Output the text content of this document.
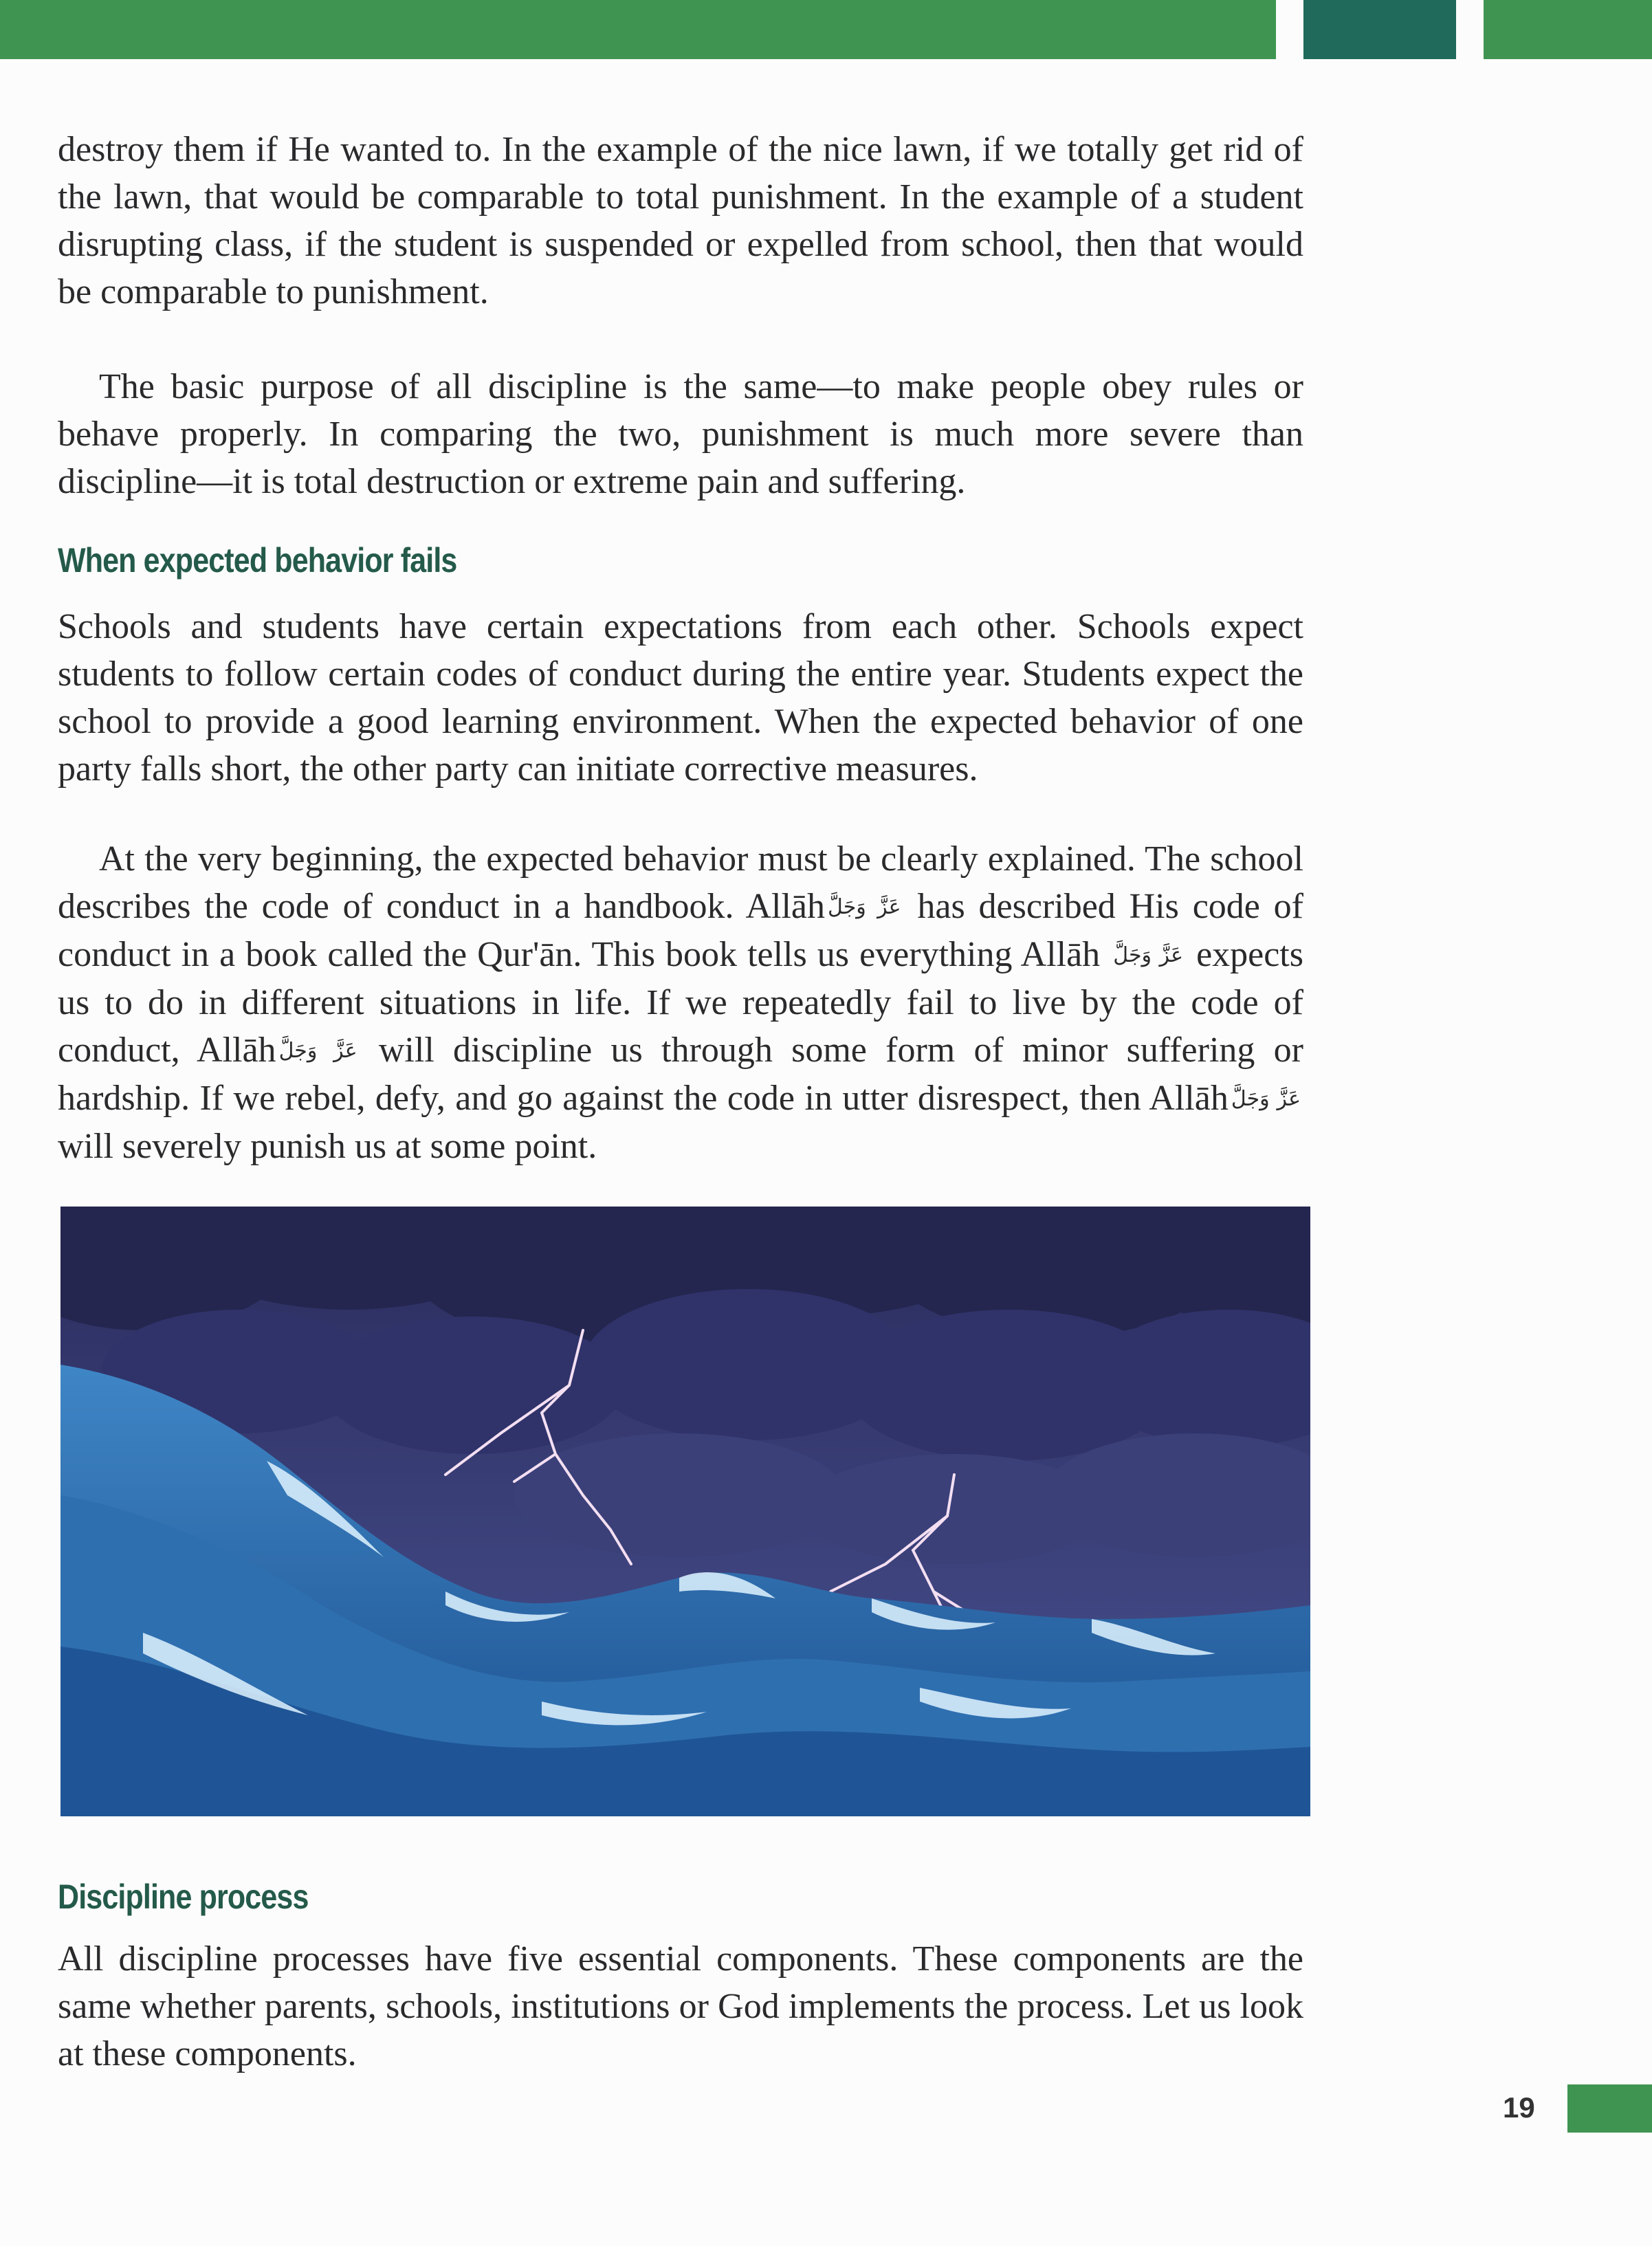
destroy them if He wanted to. In the example of the nice lawn, if we totally get rid of the lawn, that would be comparable to total punishment. In the example of a student disrupting class, if the student is suspended or expelled from school, then that would be comparable to punishment.

The basic purpose of all discipline is the same—to make people obey rules or behave properly. In comparing the two, punishment is much more severe than discipline—it is total destruction or extreme pain and suffering.

When expected behavior fails

Schools and students have certain expectations from each other. Schools expect students to follow certain codes of conduct during the entire year. Students expect the school to provide a good learning environment. When the expected behavior of one party falls short, the other party can initiate corrective measures.

At the very beginning, the expected behavior must be clearly explained. The school describes the code of conduct in a handbook. Allāh عَزَّ وَجَلَّ has described His code of conduct in a book called the Qur'ān. This book tells us everything Allāh عَزَّ وَجَلَّ expects us to do in different situations in life. If we repeatedly fail to live by the code of conduct, Allāh عَزَّ وَجَلَّ will discipline us through some form of minor suffering or hardship. If we rebel, defy, and go against the code in utter disrespect, then Allāh عَزَّ وَجَلَّ will severely punish us at some point.

Discipline process

All discipline processes have five essential components. These components are the same whether parents, schools, institutions or God implements the process. Let us look at these components.

19
